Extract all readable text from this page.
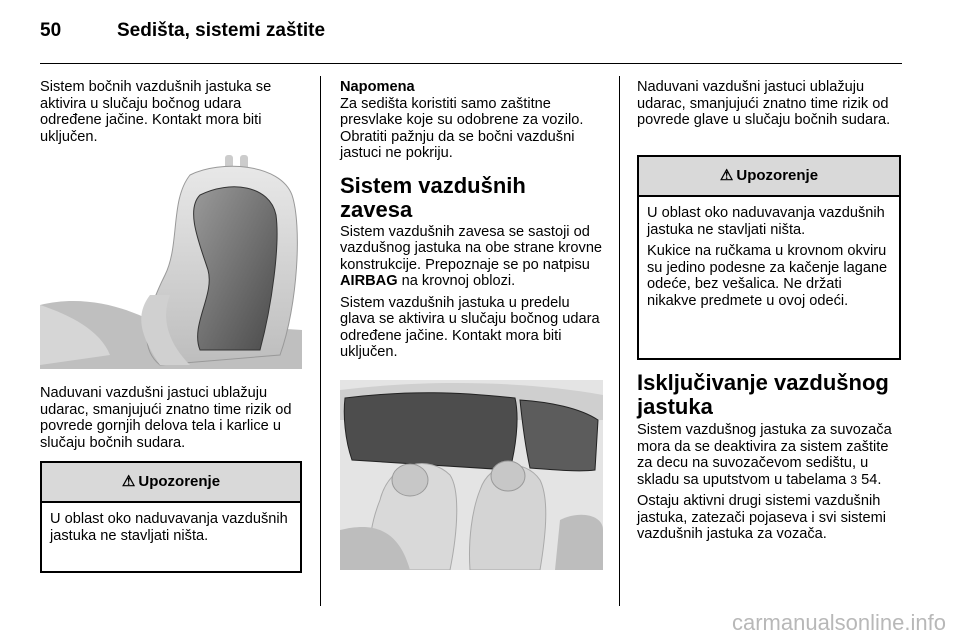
50	Sedišta, sistemi zaštite

Sistem bočnih vazdušnih jastuka se aktivira u slučaju bočnog udara određene jačine. Kontakt mora biti uključen.

Naduvani vazdušni jastuci ublažuju udarac, smanjujući znatno time rizik od povrede gornjih delova tela i karlice u slučaju bočnih sudara.

⚠ Upozorenje

U oblast oko naduvavanja vazdušnih jastuka ne stavljati ništa.

Napomena

Za sedišta koristiti samo zaštitne presvlake koje su odobrene za vozilo. Obratiti pažnju da se bočni vazdušni jastuci ne pokriju.

Sistem vazdušnih zavesa

Sistem vazdušnih zavesa se sastoji od vazdušnog jastuka na obe strane krovne konstrukcije. Prepoznaje se po natpisu AIRBAG na krovnoj oblozi.

Sistem vazdušnih jastuka u predelu glava se aktivira u slučaju bočnog udara određene jačine. Kontakt mora biti uključen.

Naduvani vazdušni jastuci ublažuju udarac, smanjujući znatno time rizik od povrede glave u slučaju bočnih sudara.

⚠ Upozorenje

U oblast oko naduvavanja vazdušnih jastuka ne stavljati ništa.

Kukice na ručkama u krovnom okviru su jedino podesne za kačenje lagane odeće, bez vešalica. Ne držati nikakve predmete u ovoj odeći.

Isključivanje vazdušnog jastuka

Sistem vazdušnog jastuka za suvozača mora da se deaktivira za sistem zaštite za decu na suvozačevom sedištu, u skladu sa uputstvom u tabelama 3 54.

Ostaju aktivni drugi sistemi vazdušnih jastuka, zatezači pojaseva i svi sistemi vazdušnih jastuka za vozača.

carmanualsonline.info
